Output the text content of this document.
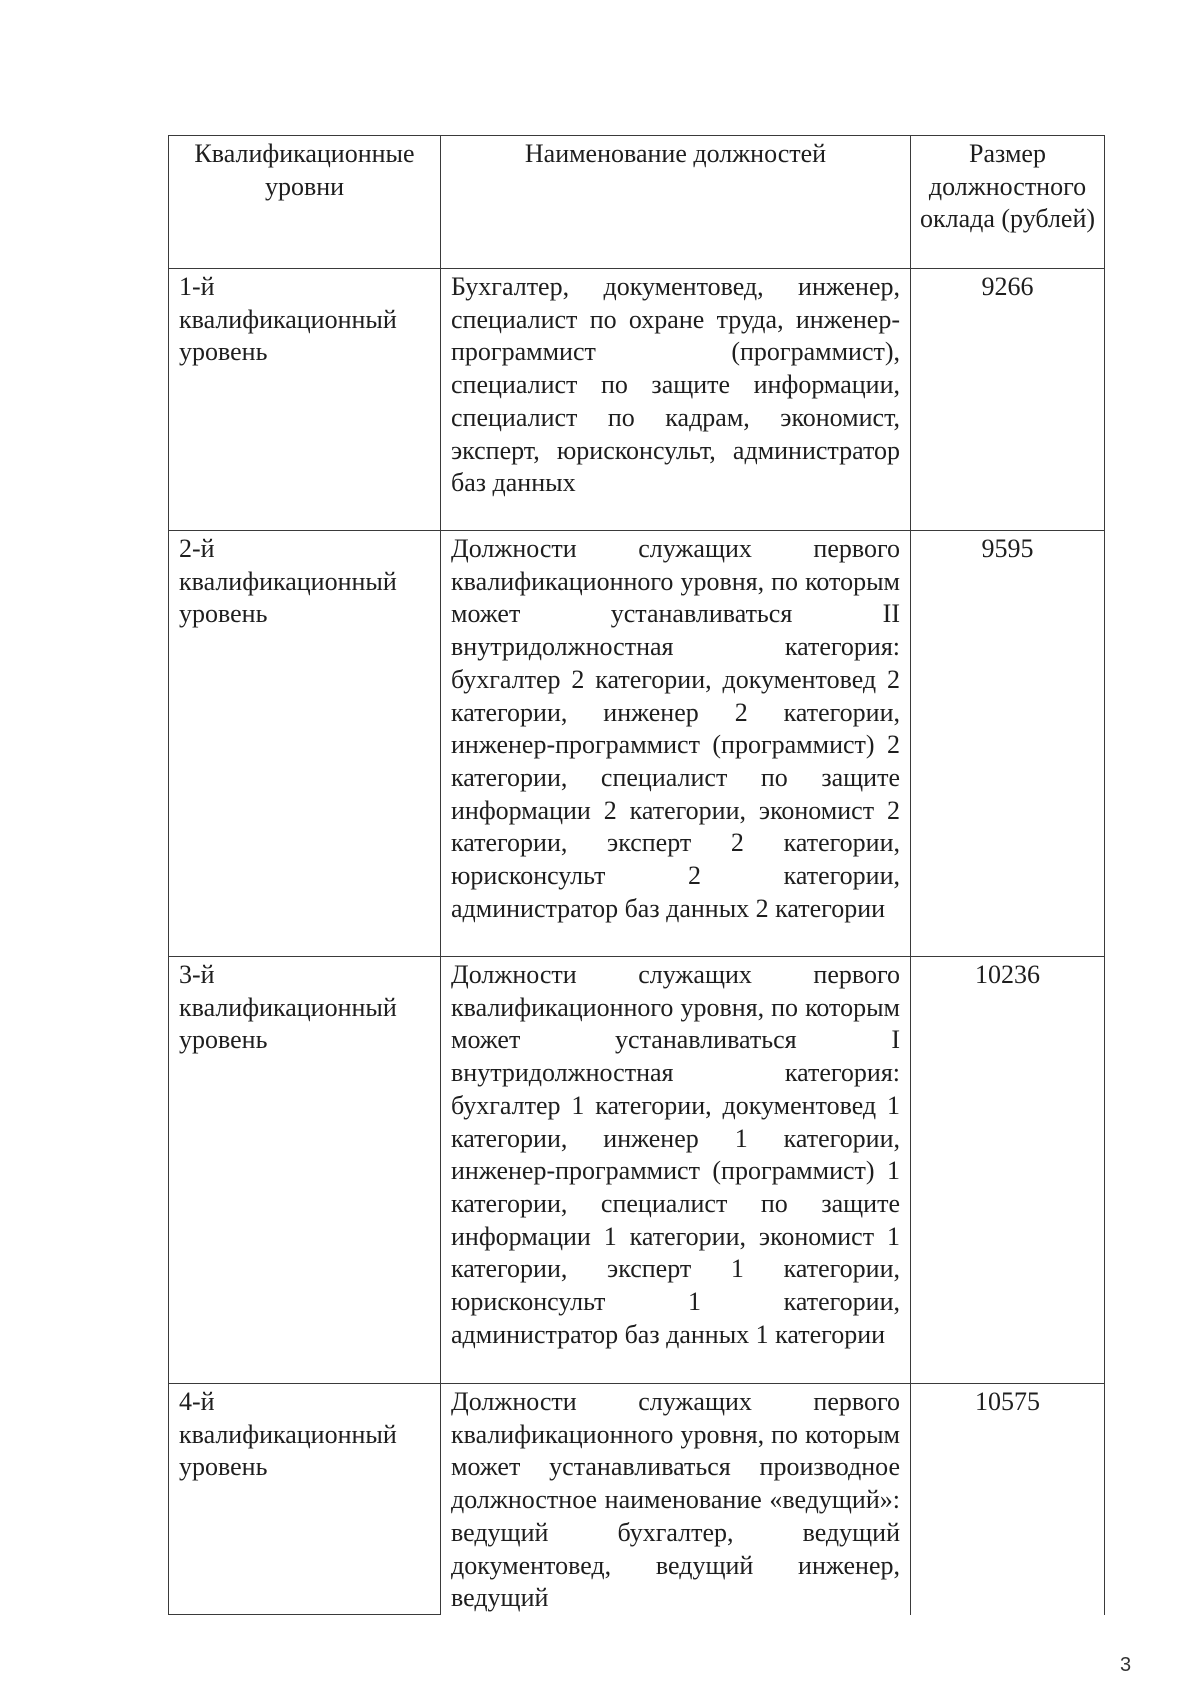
Квалификационные уровни	Наименование должностей	Размер должностного оклада (рублей)
1-й квалификационный уровень	Бухгалтер, документовед, инженер, специалист по охране труда, инженер-программист (программист), специалист по защите информации, специалист по кадрам, экономист, эксперт, юрисконсульт, администратор баз данных	9266
2-й квалификационный уровень	Должности служащих первого квалификационного уровня, по которым может устанавливаться II внутридолжностная категория: бухгалтер 2 категории, документовед 2 категории, инженер 2 категории, инженер-программист (программист) 2 категории, специалист по защите информации 2 категории, экономист 2 категории, эксперт 2 категории, юрисконсульт 2 категории, администратор баз данных 2 категории	9595
3-й квалификационный уровень	Должности служащих первого квалификационного уровня, по которым может устанавливаться I внутридолжностная категория: бухгалтер 1 категории, документовед 1 категории, инженер 1 категории, инженер-программист (программист) 1 категории, специалист по защите информации 1 категории, экономист 1 категории, эксперт 1 категории, юрисконсульт 1 категории, администратор баз данных 1 категории	10236
4-й квалификационный уровень	Должности служащих первого квалификационного уровня, по которым может устанавливаться производное должностное наименование «ведущий»: ведущий бухгалтер, ведущий документовед, ведущий инженер, ведущий	10575
3
